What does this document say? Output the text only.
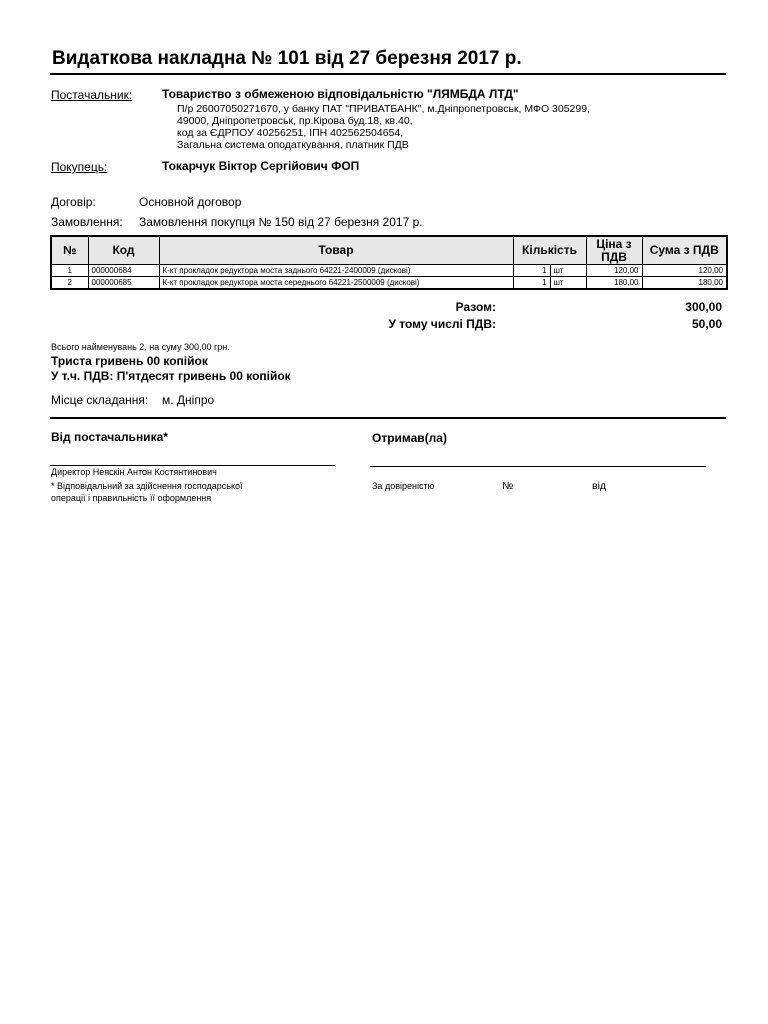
Видаткова накладна № 101 від 27 березня 2017 р.
Постачальник: Товариство з обмеженою відповідальністю "ЛЯМБДА ЛТД"
П/р 26007050271670, у банку ПАТ "ПРИВАТБАНК", м.Дніпропетровськ, МФО 305299,
49000, Дніпропетровськ, пр.Кірова буд.18, кв.40,
код за ЄДРПОУ 40256251, ІПН 402562504654,
Загальна система оподаткування, платник ПДВ
Покупець:	Токарчук Віктор Сергійович ФОП
Договір:	Основной договор
Замовлення: Замовлення покупця № 150 від 27 березня 2017 р.
№	Код	Товар	Кількість		Ціна з ПДВ	Сума з ПДВ
1	000000684	К-кт прокладок редуктора моста заднього 64221-2400009 (дискові)	1	шт	120,00	120,00
2	000000685	К-кт прокладок редуктора моста середнього 64221-2500009 (дискові)	1	шт	180,00	180,00
Разом:	300,00
У тому числі ПДВ:	50,00
Всього найменувань 2, на суму 300,00 грн.
Триста гривень 00 копійок
У т.ч. ПДВ: П'ятдесят гривень 00 копійок
Місце складання: м. Дніпро
Від постачальника*	Отримав(ла)
Директор Неяскін Антон Костянтинович
* Відповідальний за здійснення господарської
операції і правильність її оформлення
За довіреністю	№	від
